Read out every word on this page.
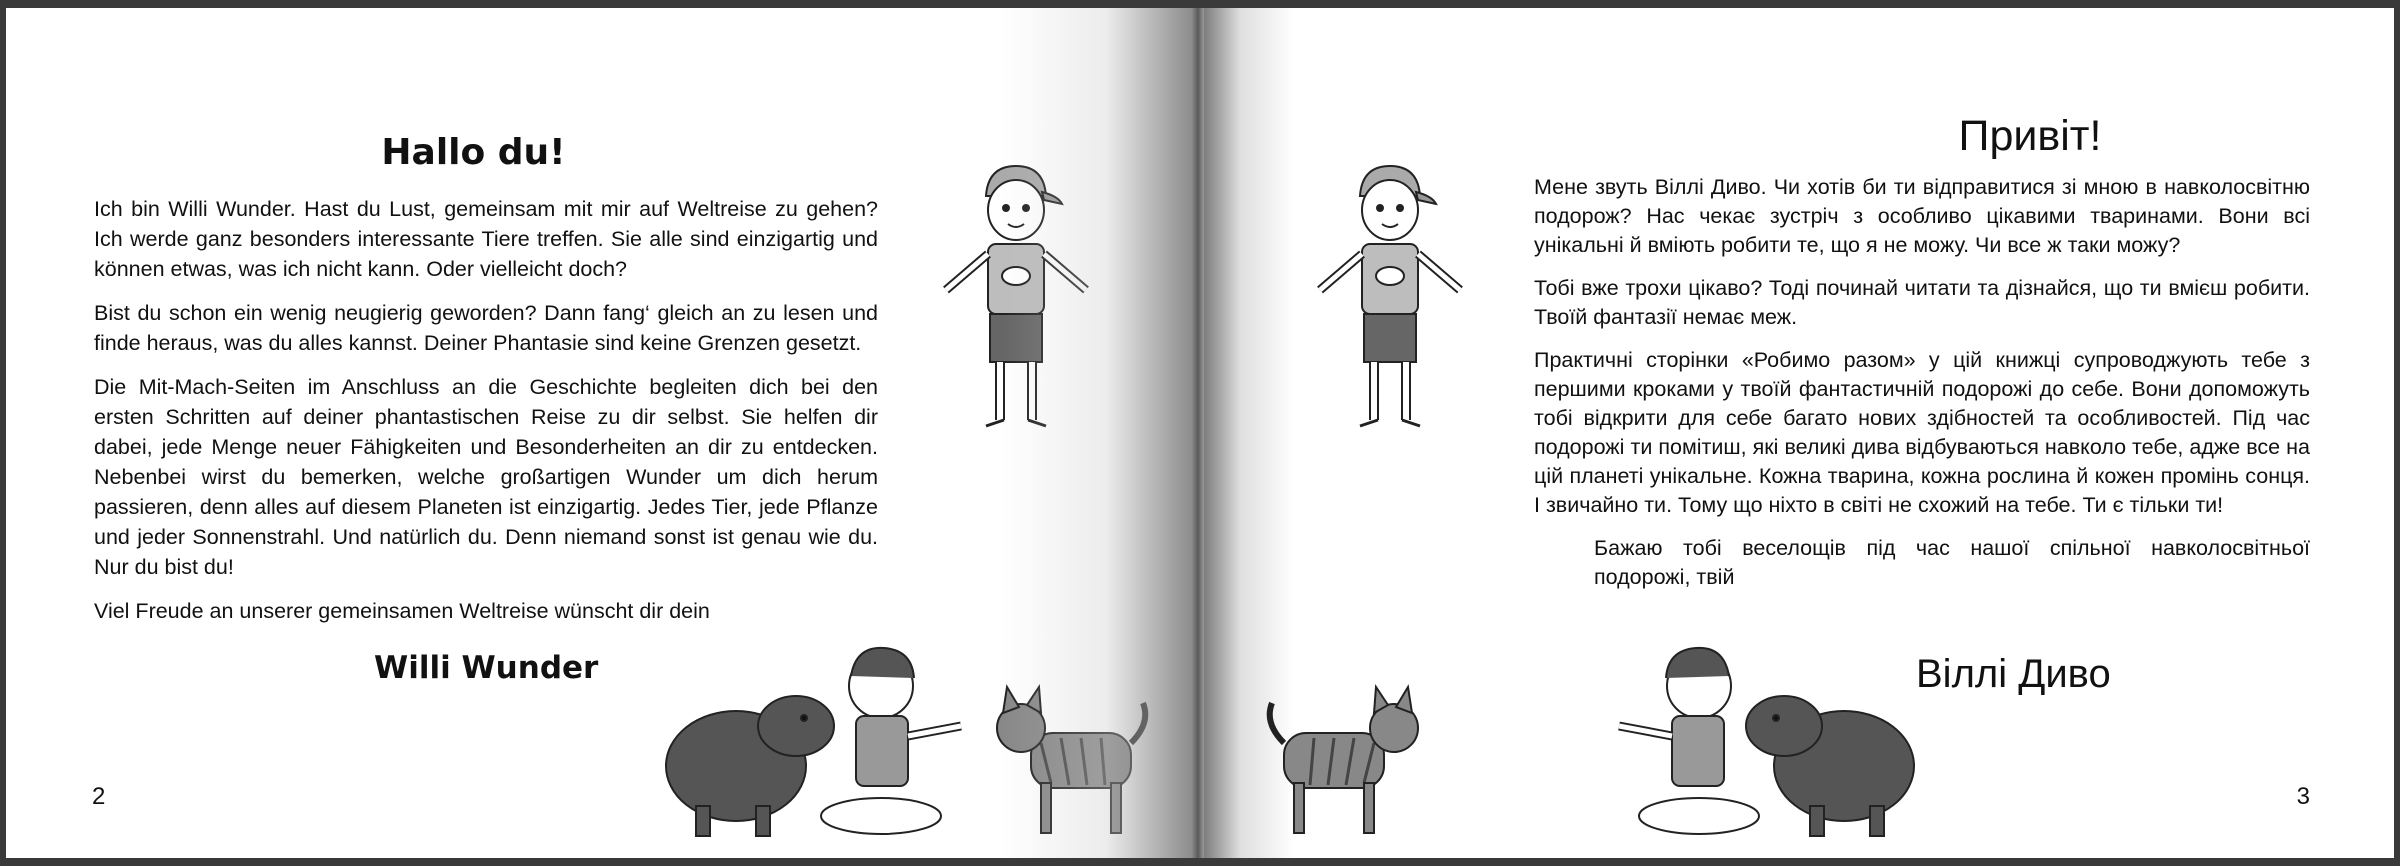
Hallo du!

Ich bin Willi Wunder. Hast du Lust, gemeinsam mit mir auf Weltreise zu gehen? Ich werde ganz besonders interessante Tiere treffen. Sie alle sind einzigartig und können etwas, was ich nicht kann. Oder vielleicht doch?

Bist du schon ein wenig neugierig geworden? Dann fang‘ gleich an zu lesen und finde heraus, was du alles kannst. Deiner Phantasie sind keine Grenzen gesetzt.

Die Mit-Mach-Seiten im Anschluss an die Geschichte begleiten dich bei den ersten Schritten auf deiner phantastischen Reise zu dir selbst. Sie helfen dir dabei, jede Menge neuer Fähigkeiten und Besonderheiten an dir zu entdecken. Nebenbei wirst du bemerken, welche großartigen Wunder um dich herum passieren, denn alles auf diesem Planeten ist einzigartig. Jedes Tier, jede Pflanze und jeder Sonnenstrahl. Und natürlich du. Denn niemand sonst ist genau wie du. Nur du bist du!

Viel Freude an unserer gemeinsamen Weltreise wünscht dir dein

Willi Wunder
2
Привіт!

Мене звуть Віллі Диво. Чи хотів би ти відправитися зі мною в навколосвітню подорож? Нас чекає зустріч з особливо цікавими тваринами. Вони всі унікальні й вміють робити те, що я не можу. Чи все ж таки можу?

Тобі вже трохи цікаво? Тоді починай читати та дізнайся, що ти вмієш робити. Твоїй фантазії немає меж.

Практичні сторінки «Робимо разом» у цій книжці супроводжують тебе з першими кроками у твоїй фантастичній подорожі до себе. Вони допоможуть тобі відкрити для себе багато нових здібностей та особливостей. Під час подорожі ти помітиш, які великі дива відбуваються навколо тебе, адже все на цій планеті унікальне. Кожна тварина, кожна рослина й кожен промінь сонця. І звичайно ти. Тому що ніхто в світі не схожий на тебе. Ти є тільки ти!

Бажаю тобі веселощів під час нашої спільної навколосвітньої подорожі, твій

Віллі Диво
3
